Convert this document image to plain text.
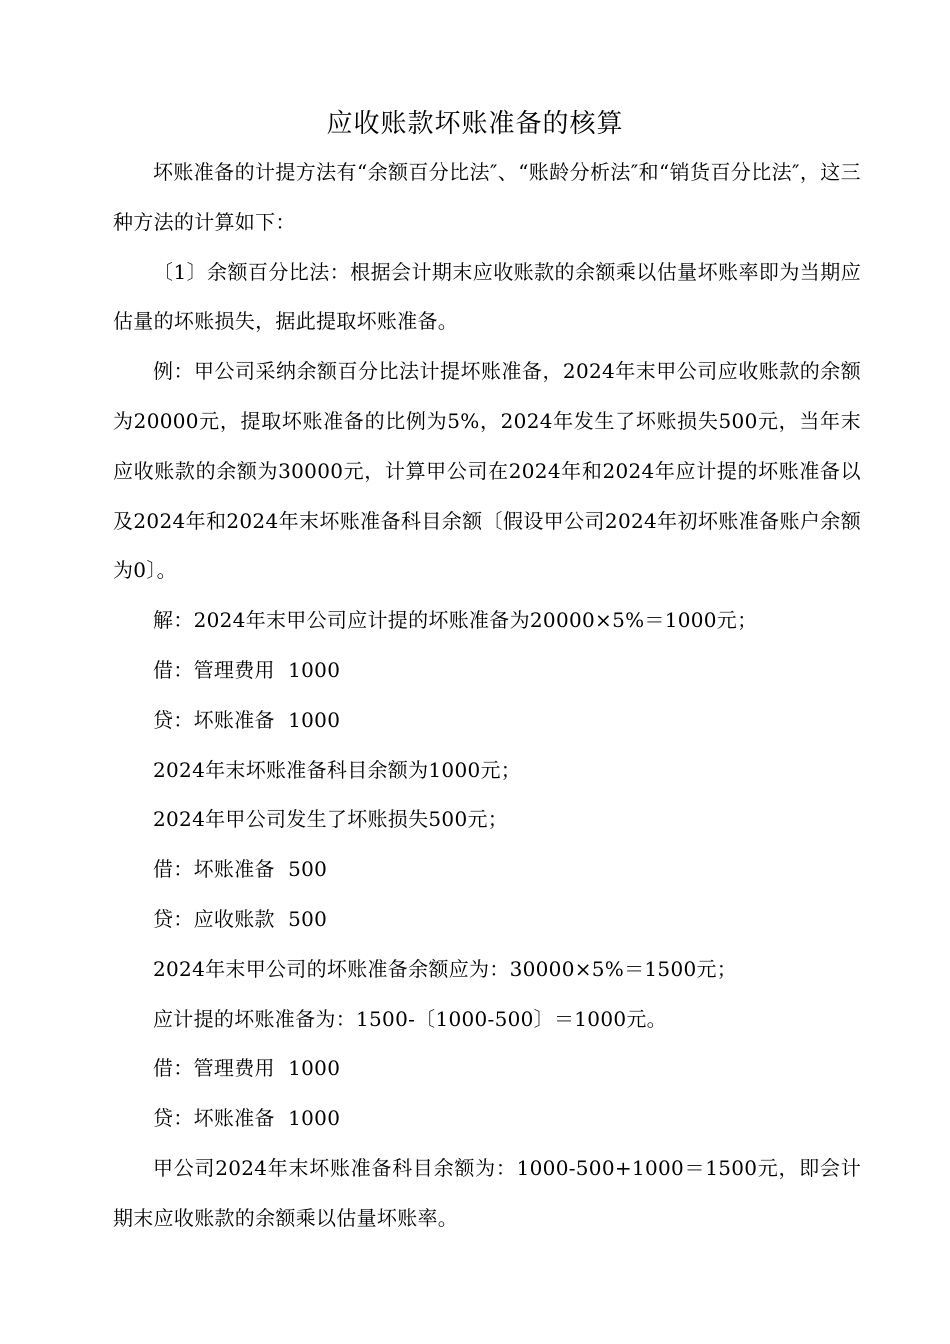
应收账款坏账准备的核算

坏账准备的计提方法有“余额百分比法″、“账龄分析法″和“销货百分比法″，这三种方法的计算如下：

〔1〕余额百分比法：根据会计期末应收账款的余额乘以估量坏账率即为当期应估量的坏账损失，据此提取坏账准备。

例：甲公司采纳余额百分比法计提坏账准备，2024年末甲公司应收账款的余额为20000元，提取坏账准备的比例为5%，2024年发生了坏账损失500元，当年末应收账款的余额为30000元，计算甲公司在2024年和2024年应计提的坏账准备以及2024年和2024年末坏账准备科目余额〔假设甲公司2024年初坏账准备账户余额为0〕。

解：2024年末甲公司应计提的坏账准备为20000×5%＝1000元；

借：管理费用  1000

贷：坏账准备  1000

2024年末坏账准备科目余额为1000元；

2024年甲公司发生了坏账损失500元；

借：坏账准备  500

贷：应收账款  500

2024年末甲公司的坏账准备余额应为：30000×5%＝1500元；

应计提的坏账准备为：1500-〔1000-500〕＝1000元。

借：管理费用  1000

贷：坏账准备  1000

甲公司2024年末坏账准备科目余额为：1000-500+1000＝1500元，即会计期末应收账款的余额乘以估量坏账率。
